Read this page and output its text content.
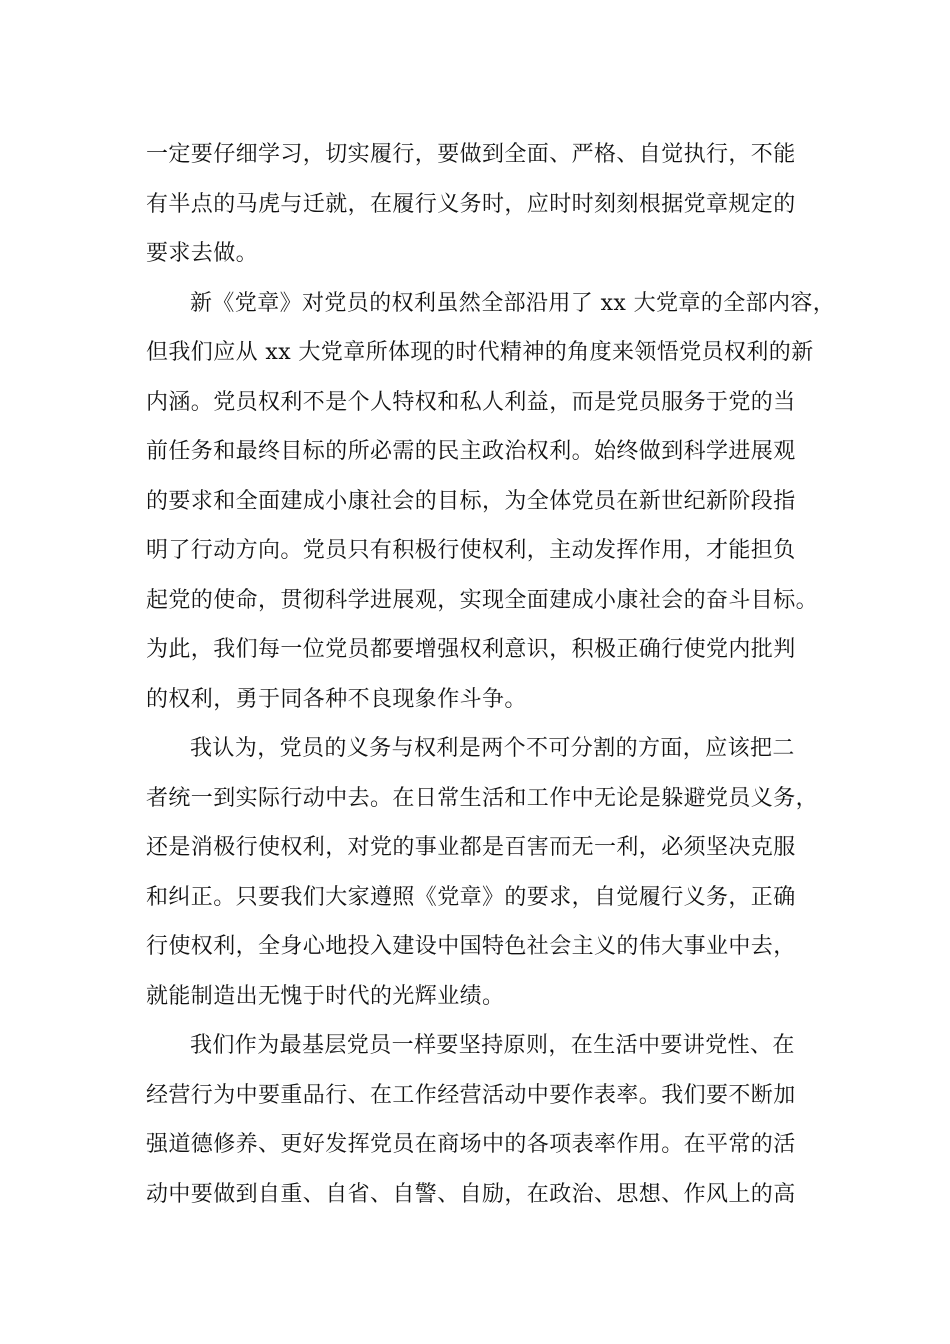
一定要仔细学习，切实履行，要做到全面、严格、自觉执行，不能
有半点的马虎与迁就，在履行义务时，应时时刻刻根据党章规定的
要求去做。
新《党章》对党员的权利虽然全部沿用了 xx 大党章的全部内容，
但我们应从 xx 大党章所体现的时代精神的角度来领悟党员权利的新
内涵。党员权利不是个人特权和私人利益，而是党员服务于党的当
前任务和最终目标的所必需的民主政治权利。始终做到科学进展观
的要求和全面建成小康社会的目标，为全体党员在新世纪新阶段指
明了行动方向。党员只有积极行使权利，主动发挥作用，才能担负
起党的使命，贯彻科学进展观，实现全面建成小康社会的奋斗目标。
为此，我们每一位党员都要增强权利意识，积极正确行使党内批判
的权利，勇于同各种不良现象作斗争。
我认为，党员的义务与权利是两个不可分割的方面，应该把二
者统一到实际行动中去。在日常生活和工作中无论是躲避党员义务，
还是消极行使权利，对党的事业都是百害而无一利，必须坚决克服
和纠正。只要我们大家遵照《党章》的要求，自觉履行义务，正确
行使权利，全身心地投入建设中国特色社会主义的伟大事业中去，
就能制造出无愧于时代的光辉业绩。
我们作为最基层党员一样要坚持原则，在生活中要讲党性、在
经营行为中要重品行、在工作经营活动中要作表率。我们要不断加
强道德修养、更好发挥党员在商场中的各项表率作用。在平常的活
动中要做到自重、自省、自警、自励，在政治、思想、作风上的高
